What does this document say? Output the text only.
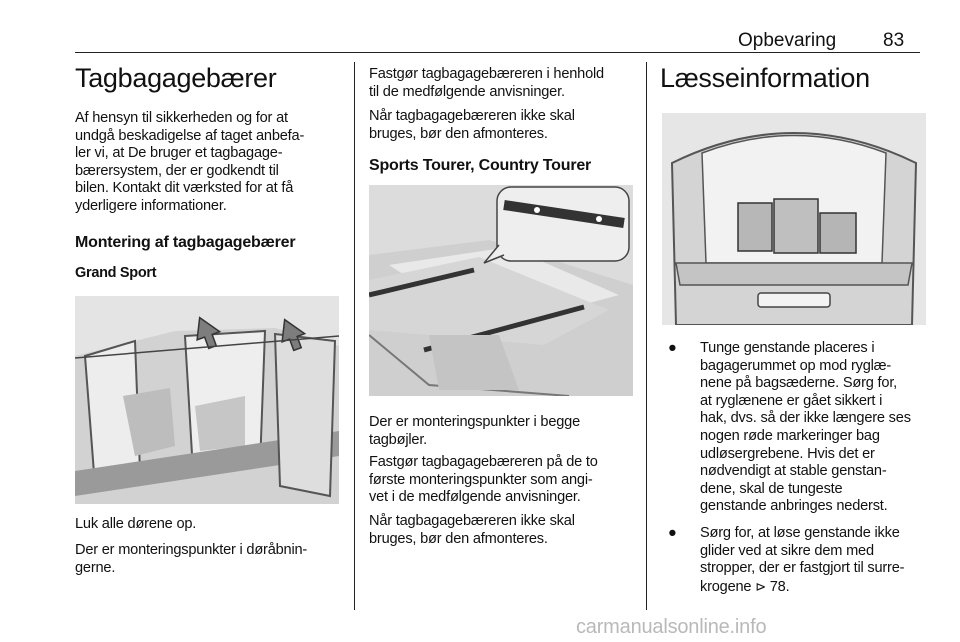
Opbevaring 83
Tagbagagebærer
Af hensyn til sikkerheden og for at
undgå beskadigelse af taget anbefa-
ler vi, at De bruger et tagbagage-
bærersystem, der er godkendt til
bilen. Kontakt dit værksted for at få
yderligere informationer.
Montering af tagbagagebærer
Grand Sport
Luk alle dørene op.
Der er monteringspunkter i døråbnin-
gerne.
Fastgør tagbagagebæreren i henhold
til de medfølgende anvisninger.
Når tagbagagebæreren ikke skal
bruges, bør den afmonteres.
Sports Tourer, Country Tourer
Der er monteringspunkter i begge
tagbøjler.
Fastgør tagbagagebæreren på de to
første monteringspunkter som angi-
vet i de medfølgende anvisninger.
Når tagbagagebæreren ikke skal
bruges, bør den afmonteres.
Læsseinformation
● Tunge genstande placeres i
bagagerummet op mod ryglæ-
nene på bagsæderne. Sørg for,
at ryglænene er gået sikkert i
hak, dvs. så der ikke længere ses
nogen røde markeringer bag
udløsergrebene. Hvis det er
nødvendigt at stable genstan-
dene, skal de tungeste
genstande anbringes nederst.
● Sørg for, at løse genstande ikke
glider ved at sikre dem med
stropper, der er fastgjort til surre-
krogene ⊳ 78.
carmanualsonline.info
